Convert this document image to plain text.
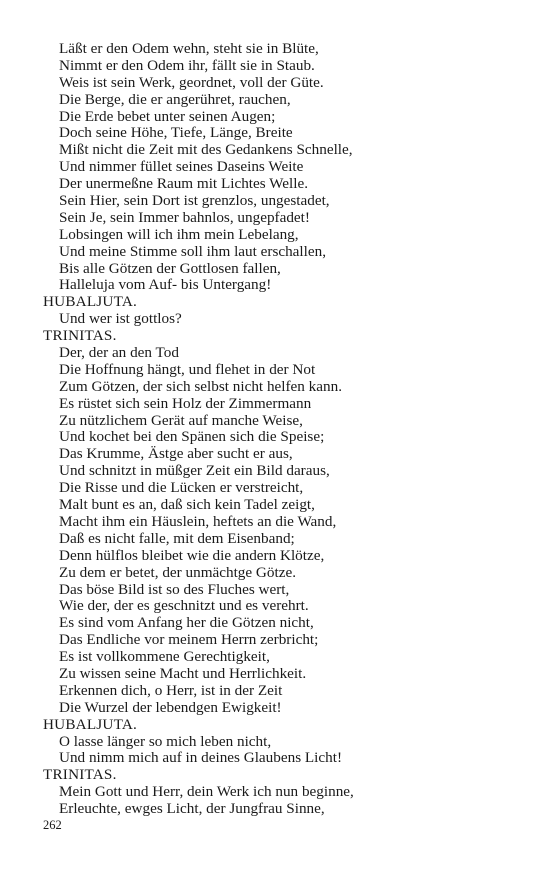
Läßt er den Odem wehn, steht sie in Blüte,
Nimmt er den Odem ihr, fällt sie in Staub.
Weis ist sein Werk, geordnet, voll der Güte.
Die Berge, die er angerühret, rauchen,
Die Erde bebet unter seinen Augen;
Doch seine Höhe, Tiefe, Länge, Breite
Mißt nicht die Zeit mit des Gedankens Schnelle,
Und nimmer füllet seines Daseins Weite
Der unermeßne Raum mit Lichtes Welle.
Sein Hier, sein Dort ist grenzlos, ungestadet,
Sein Je, sein Immer bahnlos, ungepfadet!
Lobsingen will ich ihm mein Lebelang,
Und meine Stimme soll ihm laut erschallen,
Bis alle Götzen der Gottlosen fallen,
Halleluja vom Auf- bis Untergang!
HUBALJUTA.
Und wer ist gottlos?
TRINITAS.
Der, der an den Tod
Die Hoffnung hängt, und flehet in der Not
Zum Götzen, der sich selbst nicht helfen kann.
Es rüstet sich sein Holz der Zimmermann
Zu nützlichem Gerät auf manche Weise,
Und kochet bei den Spänen sich die Speise;
Das Krumme, Ästge aber sucht er aus,
Und schnitzt in müßger Zeit ein Bild daraus,
Die Risse und die Lücken er verstreicht,
Malt bunt es an, daß sich kein Tadel zeigt,
Macht ihm ein Häuslein, heftets an die Wand,
Daß es nicht falle, mit dem Eisenband;
Denn hülflos bleibet wie die andern Klötze,
Zu dem er betet, der unmächtge Götze.
Das böse Bild ist so des Fluches wert,
Wie der, der es geschnitzt und es verehrt.
Es sind vom Anfang her die Götzen nicht,
Das Endliche vor meinem Herrn zerbricht;
Es ist vollkommene Gerechtigkeit,
Zu wissen seine Macht und Herrlichkeit.
Erkennen dich, o Herr, ist in der Zeit
Die Wurzel der lebendgen Ewigkeit!
HUBALJUTA.
O lasse länger so mich leben nicht,
Und nimm mich auf in deines Glaubens Licht!
TRINITAS.
Mein Gott und Herr, dein Werk ich nun beginne,
Erleuchte, ewges Licht, der Jungfrau Sinne,
262
